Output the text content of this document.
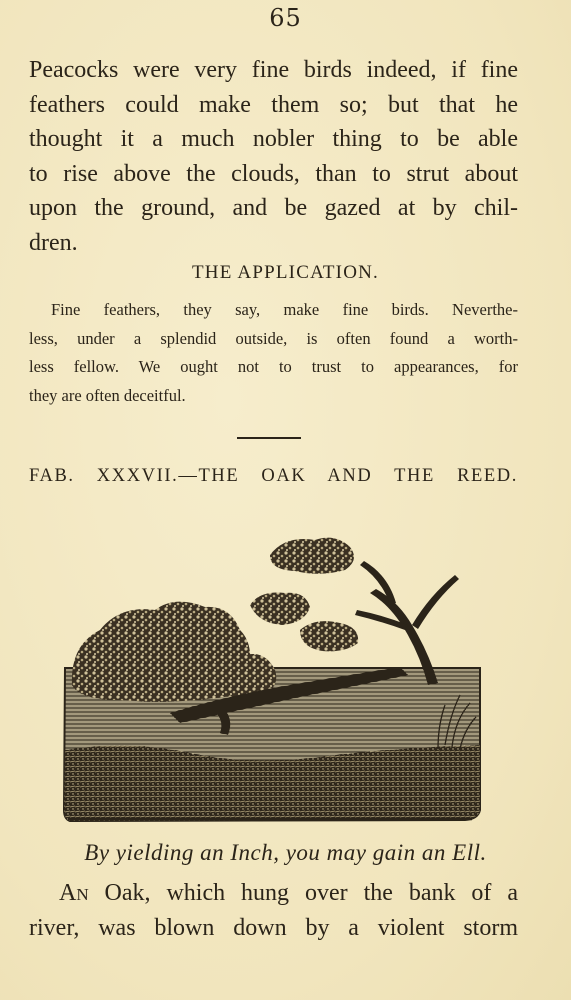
65
Peacocks were very fine birds indeed, if fine
feathers could make them so; but that he
thought it a much nobler thing to be able
to rise above the clouds, than to strut about
upon the ground, and be gazed at by chil-
dren.
THE APPLICATION.
Fine feathers, they say, make fine birds. Neverthe-
less, under a splendid outside, is often found a worth-
less fellow. We ought not to trust to appearances, for
they are often deceitful.
FAB. XXXVII.—THE OAK AND THE REED.
By yielding an Inch, you may gain an Ell.
An Oak, which hung over the bank of a
river, was blown down by a violent storm
